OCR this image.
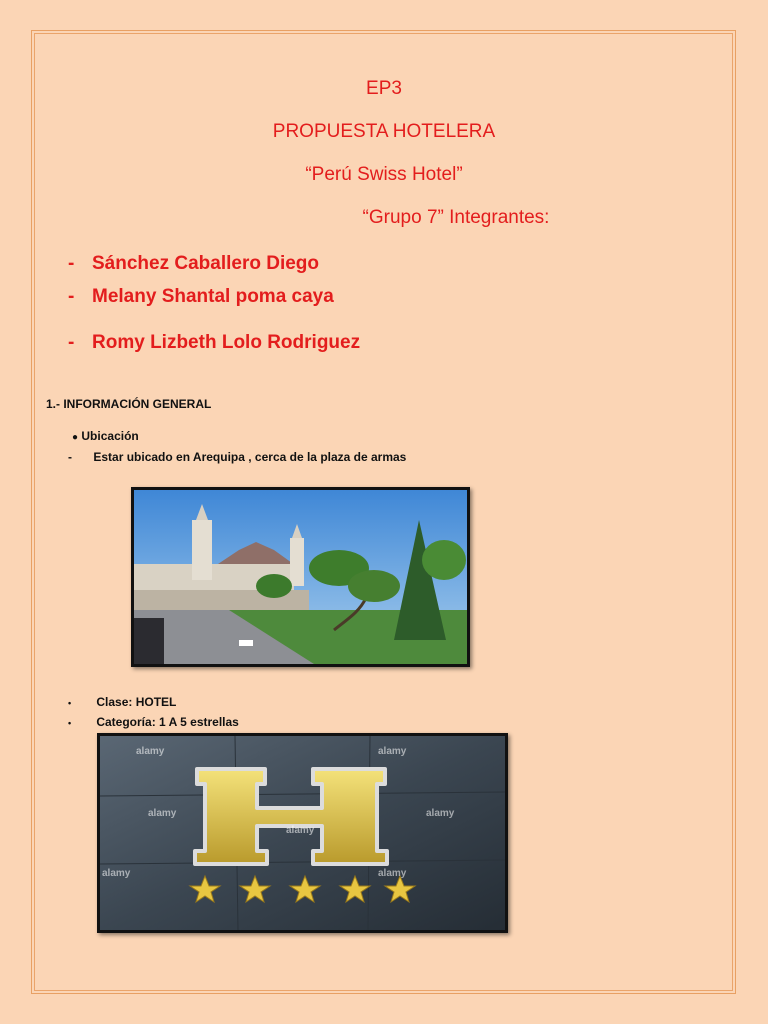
EP3
PROPUESTA HOTELERA
“Perú Swiss Hotel”
“Grupo 7” Integrantes:
- Sánchez Caballero Diego
- Melany Shantal poma caya
- Romy Lizbeth Lolo Rodriguez
1.- INFORMACIÓN GENERAL
● Ubicación
- Estar ubicado en Arequipa , cerca de la plaza de armas
• Clase: HOTEL
• Categoría: 1 A 5 estrellas
alamy	alamy
alamy	alamy
alamy
alamy	alamy
